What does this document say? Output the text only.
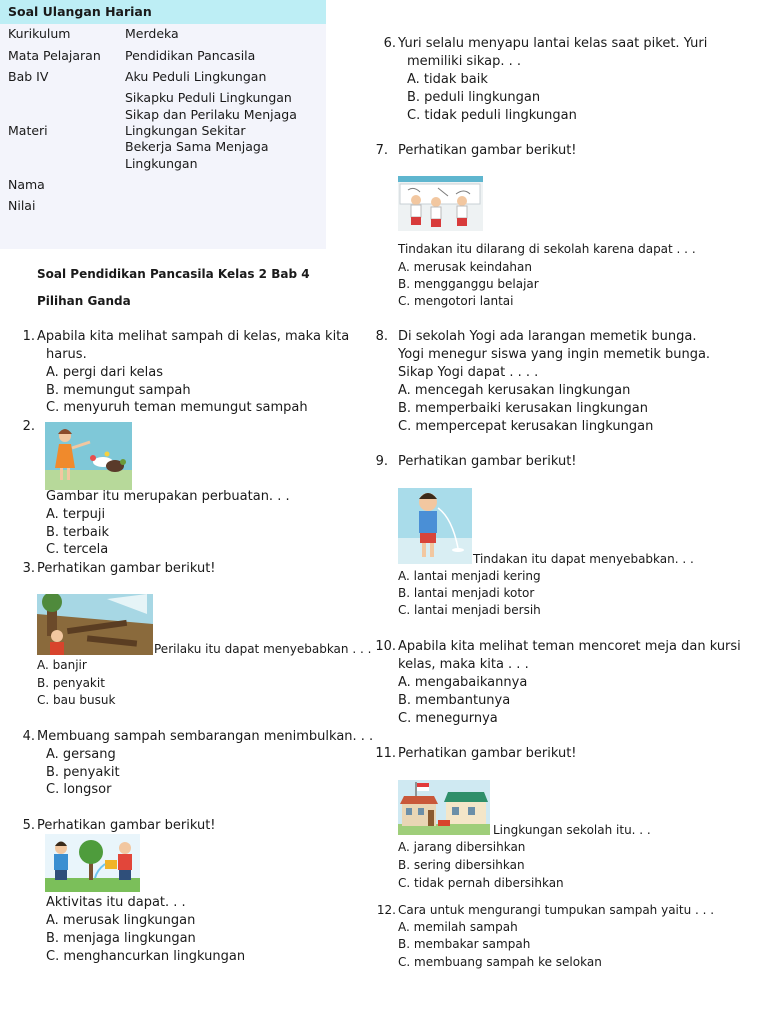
Soal Ulangan Harian
Kurikulum	Merdeka
Mata Pelajaran Pendidikan Pancasila
Bab IV	Aku Peduli Lingkungan
Materi
Sikapku Peduli Lingkungan
Sikap dan Perilaku Menjaga
Lingkungan Sekitar
Bekerja Sama Menjaga
Lingkungan
Nama
Nilai
Soal Pendidikan Pancasila Kelas 2 Bab 4
Pilihan Ganda
1. Apabila kita melihat sampah di kelas, maka kita
harus.
A. pergi dari kelas
B. memungut sampah
C. menyuruh teman memungut sampah
2.
Gambar itu merupakan perbuatan. . .
A. terpuji
B. terbaik
C. tercela
3. Perhatikan gambar berikut!
Perilaku itu dapat menyebabkan . . .
A. banjir
B. penyakit
C. bau busuk
4. Membuang sampah sembarangan menimbulkan. . .
A. gersang
B. penyakit
C. longsor
5. Perhatikan gambar berikut!
Aktivitas itu dapat. . .
A. merusak lingkungan
B. menjaga lingkungan
C. menghancurkan lingkungan
6. Yuri selalu menyapu lantai kelas saat piket. Yuri
memiliki sikap. . .
A. tidak baik
B. peduli lingkungan
C. tidak peduli lingkungan
7. Perhatikan gambar berikut!
Tindakan itu dilarang di sekolah karena dapat . . .
A. merusak keindahan
B. mengganggu belajar
C. mengotori lantai
8. Di sekolah Yogi ada larangan memetik bunga.
Yogi menegur siswa yang ingin memetik bunga.
Sikap Yogi dapat . . . .
A. mencegah kerusakan lingkungan
B. memperbaiki kerusakan lingkungan
C. mempercepat kerusakan lingkungan
9. Perhatikan gambar berikut!
Tindakan itu dapat menyebabkan. . .
A. lantai menjadi kering
B. lantai menjadi kotor
C. lantai menjadi bersih
10. Apabila kita melihat teman mencoret meja dan kursi
kelas, maka kita . . .
A. mengabaikannya
B. membantunya
C. menegurnya
11. Perhatikan gambar berikut!
Lingkungan sekolah itu. . .
A. jarang dibersihkan
B. sering dibersihkan
C. tidak pernah dibersihkan
12. Cara untuk mengurangi tumpukan sampah yaitu . . .
A. memilah sampah
B. membakar sampah
C. membuang sampah ke selokan
